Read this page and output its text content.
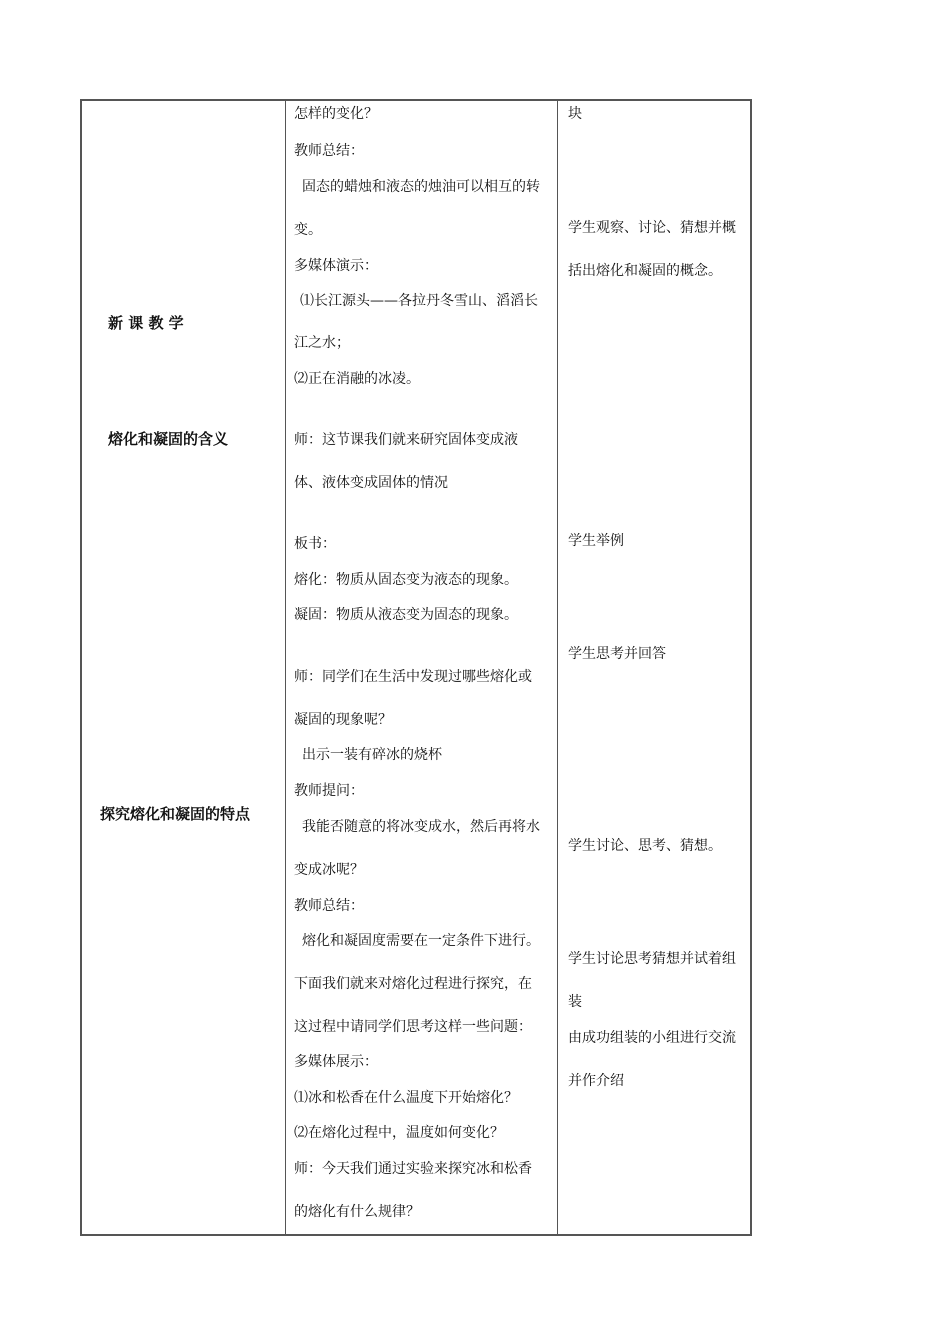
新 课 教 学
熔化和凝固的含义
探究熔化和凝固的特点
怎样的变化？
教师总结：
固态的蜡烛和液态的烛油可以相互的转
变。
多媒体演示：
⑴长江源头——各拉丹冬雪山、滔滔长
江之水；
⑵正在消融的冰凌。
师：这节课我们就来研究固体变成液
体、液体变成固体的情况
板书：
熔化：物质从固态变为液态的现象。
凝固：物质从液态变为固态的现象。
师：同学们在生活中发现过哪些熔化或
凝固的现象呢？
出示一装有碎冰的烧杯
教师提问：
我能否随意的将冰变成水，然后再将水
变成冰呢？
教师总结：
熔化和凝固度需要在一定条件下进行。
下面我们就来对熔化过程进行探究，在
这过程中请同学们思考这样一些问题：
多媒体展示：
⑴冰和松香在什么温度下开始熔化？
⑵在熔化过程中，温度如何变化？
师：今天我们通过实验来探究冰和松香
的熔化有什么规律？
块
学生观察、讨论、猜想并概
括出熔化和凝固的概念。
学生举例
学生思考并回答
学生讨论、思考、猜想。
学生讨论思考猜想并试着组
装
由成功组装的小组进行交流
并作介绍
